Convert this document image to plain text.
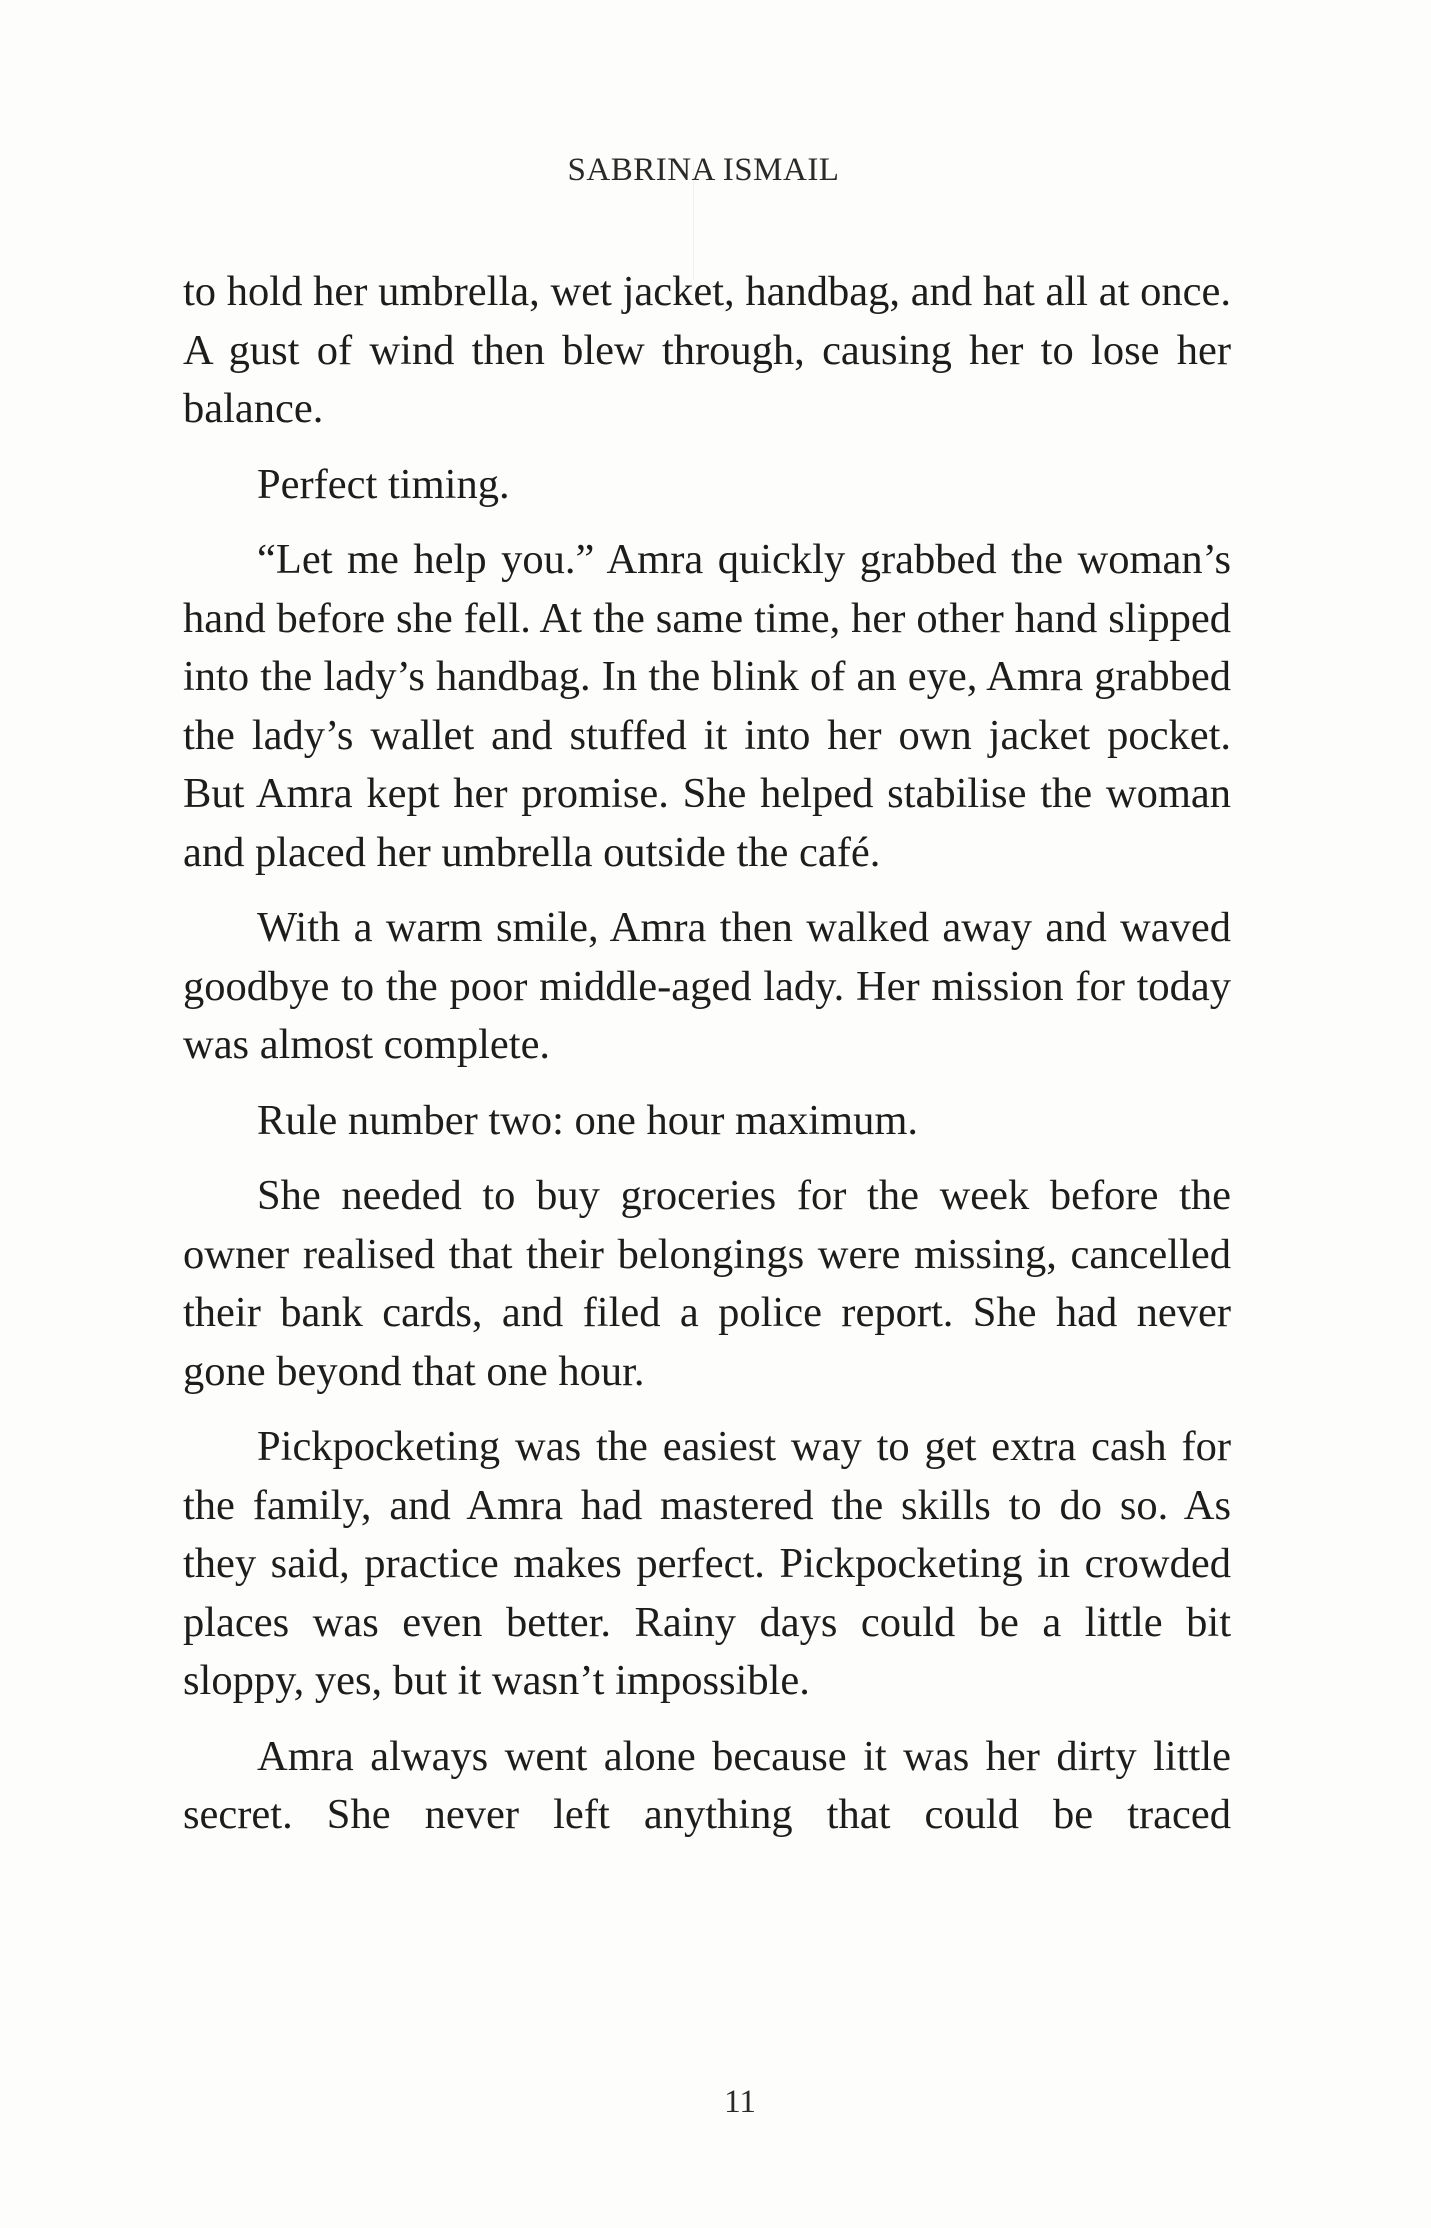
SABRINA ISMAIL

to hold her umbrella, wet jacket, handbag, and hat all at once. A gust of wind then blew through, causing her to lose her balance.

Perfect timing.

“Let me help you.” Amra quickly grabbed the woman’s hand before she fell. At the same time, her other hand slipped into the lady’s handbag. In the blink of an eye, Amra grabbed the lady’s wallet and stuffed it into her own jacket pocket. But Amra kept her promise. She helped stabilise the woman and placed her umbrella outside the café.

With a warm smile, Amra then walked away and waved goodbye to the poor middle-aged lady. Her mission for today was almost complete.

Rule number two: one hour maximum.

She needed to buy groceries for the week before the owner realised that their belongings were missing, cancelled their bank cards, and filed a police report. She had never gone beyond that one hour.

Pickpocketing was the easiest way to get extra cash for the family, and Amra had mastered the skills to do so. As they said, practice makes perfect. Pickpocketing in crowded places was even better. Rainy days could be a little bit sloppy, yes, but it wasn’t impossible.

Amra always went alone because it was her dirty little secret. She never left anything that could be traced

11
